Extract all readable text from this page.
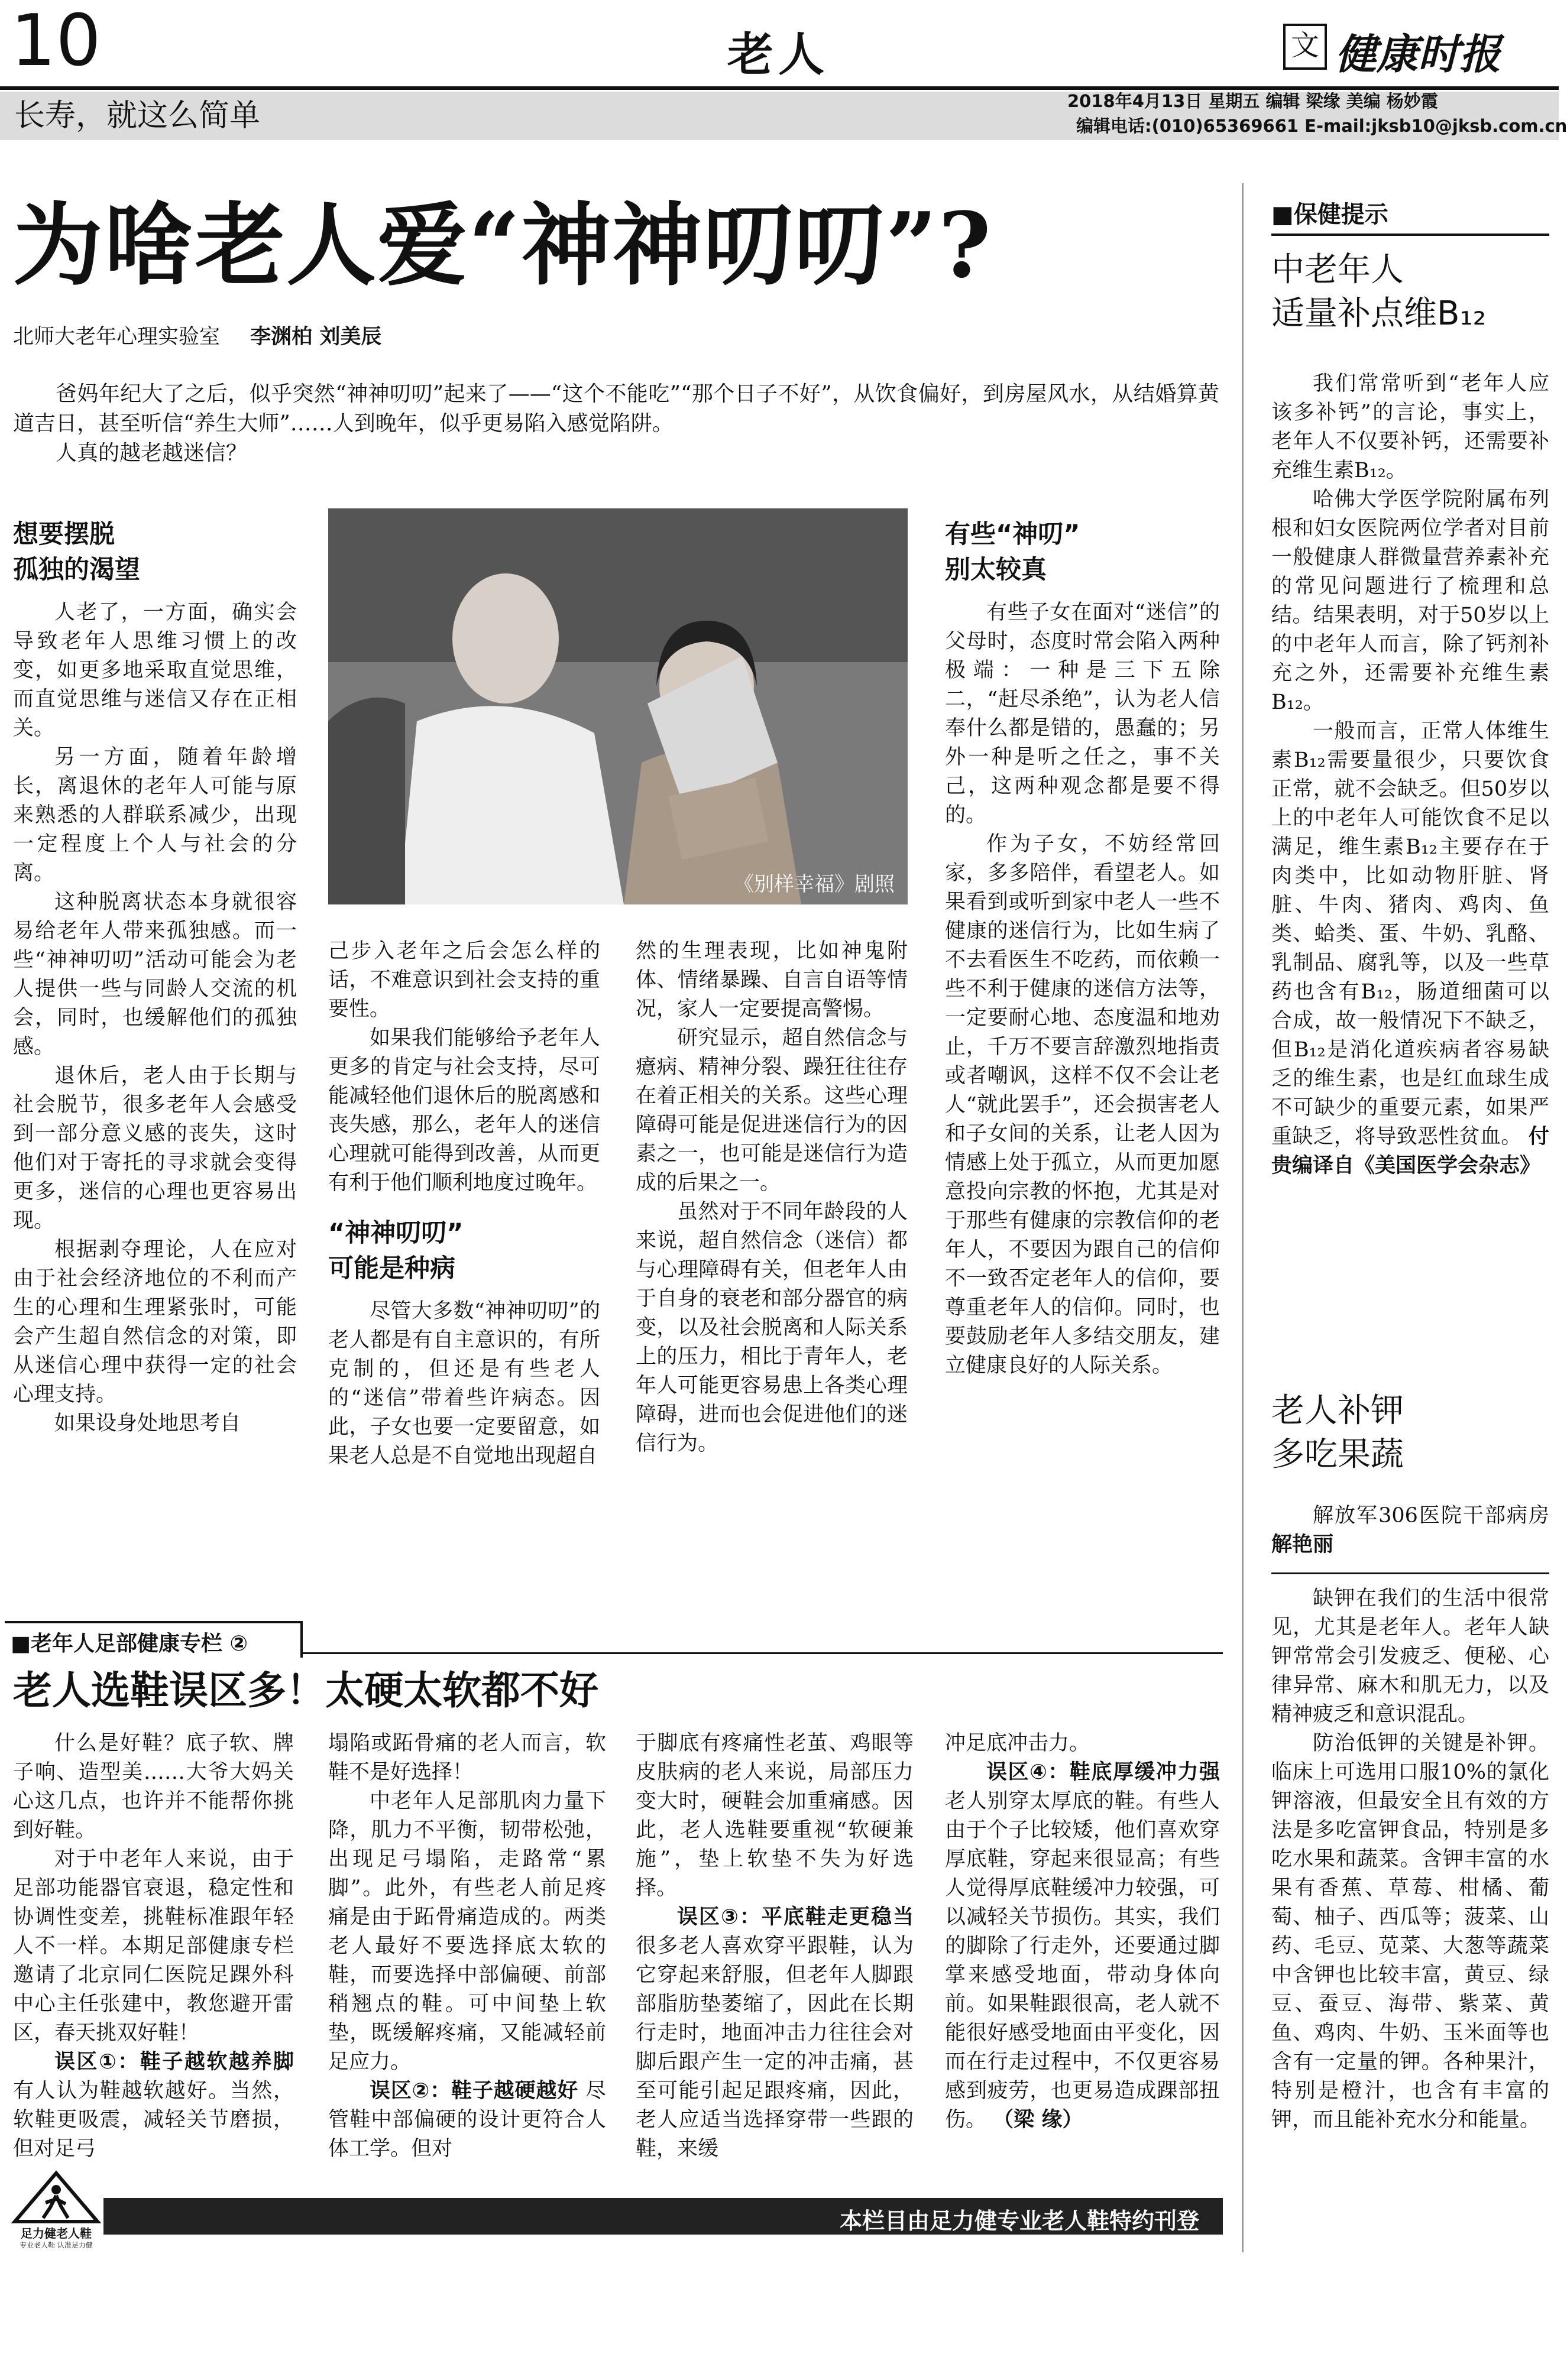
10	老人	文 健康时报
长寿，就这么简单	2018年4月13日 星期五 编辑 梁缘 美编 杨妙霞
编辑电话:(010)65369661 E-mail:jksb10@jksb.com.cn
为啥老人爱“神神叨叨”?
北师大老年心理实验室 李渊柏 刘美辰

爸妈年纪大了之后，似乎突然“神神叨叨”起来了——“这个不能吃”“那个日子不好”，从饮食偏好，到房屋风水，从结婚算黄道吉日，甚至听信“养生大师”……人到晚年，似乎更易陷入感觉陷阱。

人真的越老越迷信？

想要摆脱
孤独的渴望

人老了，一方面，确实会导致老年人思维习惯上的改变，如更多地采取直觉思维，而直觉思维与迷信又存在正相关。

另一方面，随着年龄增长，离退休的老年人可能与原来熟悉的人群联系减少，出现一定程度上个人与社会的分离。

这种脱离状态本身就很容易给老年人带来孤独感。而一些“神神叨叨”活动可能会为老人提供一些与同龄人交流的机会，同时，也缓解他们的孤独感。

退休后，老人由于长期与社会脱节，很多老年人会感受到一部分意义感的丧失，这时他们对于寄托的寻求就会变得更多，迷信的心理也更容易出现。

根据剥夺理论，人在应对由于社会经济地位的不利而产生的心理和生理紧张时，可能会产生超自然信念的对策，即从迷信心理中获得一定的社会心理支持。

如果设身处地思考自

《别样幸福》剧照

己步入老年之后会怎么样的话，不难意识到社会支持的重要性。

如果我们能够给予老年人更多的肯定与社会支持，尽可能减轻他们退休后的脱离感和丧失感，那么，老年人的迷信心理就可能得到改善，从而更有利于他们顺利地度过晚年。

“神神叨叨”
可能是种病

尽管大多数“神神叨叨”的老人都是有自主意识的，有所克制的，但还是有些老人的“迷信”带着些许病态。因此，子女也要一定要留意，如果老人总是不自觉地出现超自

然的生理表现，比如神鬼附体、情绪暴躁、自言自语等情况，家人一定要提高警惕。

研究显示，超自然信念与癔病、精神分裂、躁狂往往存在着正相关的关系。这些心理障碍可能是促进迷信行为的因素之一，也可能是迷信行为造成的后果之一。

虽然对于不同年龄段的人来说，超自然信念（迷信）都与心理障碍有关，但老年人由于自身的衰老和部分器官的病变，以及社会脱离和人际关系上的压力，相比于青年人，老年人可能更容易患上各类心理障碍，进而也会促进他们的迷信行为。

有些“神叨”
别太较真

有些子女在面对“迷信”的父母时，态度时常会陷入两种极端：一种是三下五除二，“赶尽杀绝”，认为老人信奉什么都是错的，愚蠢的；另外一种是听之任之，事不关己，这两种观念都是要不得的。

作为子女，不妨经常回家，多多陪伴，看望老人。如果看到或听到家中老人一些不健康的迷信行为，比如生病了不去看医生不吃药，而依赖一些不利于健康的迷信方法等，一定要耐心地、态度温和地劝止，千万不要言辞激烈地指责或者嘲讽，这样不仅不会让老人“就此罢手”，还会损害老人和子女间的关系，让老人因为情感上处于孤立，从而更加愿意投向宗教的怀抱，尤其是对于那些有健康的宗教信仰的老年人，不要因为跟自己的信仰不一致否定老年人的信仰，要尊重老年人的信仰。同时，也要鼓励老年人多结交朋友，建立健康良好的人际关系。

■老年人足部健康专栏 ②
老人选鞋误区多！太硬太软都不好

什么是好鞋？底子软、牌子响、造型美……大爷大妈关心这几点，也许并不能帮你挑到好鞋。

对于中老年人来说，由于足部功能器官衰退，稳定性和协调性变差，挑鞋标准跟年轻人不一样。本期足部健康专栏邀请了北京同仁医院足踝外科中心主任张建中，教您避开雷区，春天挑双好鞋！

误区①：鞋子越软越养脚 有人认为鞋越软越好。当然，软鞋更吸震，减轻关节磨损，但对足弓

塌陷或跖骨痛的老人而言，软鞋不是好选择！

中老年人足部肌肉力量下降，肌力不平衡，韧带松弛，出现足弓塌陷，走路常“累脚”。此外，有些老人前足疼痛是由于跖骨痛造成的。两类老人最好不要选择底太软的鞋，而要选择中部偏硬、前部稍翘点的鞋。可中间垫上软垫，既缓解疼痛，又能减轻前足应力。

误区②：鞋子越硬越好 尽管鞋中部偏硬的设计更符合人体工学。但对

于脚底有疼痛性老茧、鸡眼等皮肤病的老人来说，局部压力变大时，硬鞋会加重痛感。因此，老人选鞋要重视“软硬兼施”，垫上软垫不失为好选择。

误区③：平底鞋走更稳当 很多老人喜欢穿平跟鞋，认为它穿起来舒服，但老年人脚跟部脂肪垫萎缩了，因此在长期行走时，地面冲击力往往会对脚后跟产生一定的冲击痛，甚至可能引起足跟疼痛，因此，老人应适当选择穿带一些跟的鞋，来缓

冲足底冲击力。

误区④：鞋底厚缓冲力强 老人别穿太厚底的鞋。有些人由于个子比较矮，他们喜欢穿厚底鞋，穿起来很显高；有些人觉得厚底鞋缓冲力较强，可以减轻关节损伤。其实，我们的脚除了行走外，还要通过脚掌来感受地面，带动身体向前。如果鞋跟很高，老人就不能很好感受地面由平变化，因而在行走过程中，不仅更容易感到疲劳，也更易造成踝部扭伤。 （梁 缘）

足力健老人鞋
专业老人鞋 认准足力健
本栏目由足力健专业老人鞋特约刊登
■保健提示
中老年人
适量补点维B₁₂

我们常常听到“老年人应该多补钙”的言论，事实上，老年人不仅要补钙，还需要补充维生素B₁₂。

哈佛大学医学院附属布列根和妇女医院两位学者对目前一般健康人群微量营养素补充的常见问题进行了梳理和总结。结果表明，对于50岁以上的中老年人而言，除了钙剂补充之外，还需要补充维生素B₁₂。

一般而言，正常人体维生素B₁₂需要量很少，只要饮食正常，就不会缺乏。但50岁以上的中老年人可能饮食不足以满足，维生素B₁₂主要存在于肉类中，比如动物肝脏、肾脏、牛肉、猪肉、鸡肉、鱼类、蛤类、蛋、牛奶、乳酪、乳制品、腐乳等，以及一些草药也含有B₁₂，肠道细菌可以合成，故一般情况下不缺乏，但B₁₂是消化道疾病者容易缺乏的维生素，也是红血球生成不可缺少的重要元素，如果严重缺乏，将导致恶性贫血。 付贵编译自《美国医学会杂志》

老人补钾
多吃果蔬

解放军306医院干部病房 解艳丽

缺钾在我们的生活中很常见，尤其是老年人。老年人缺钾常常会引发疲乏、便秘、心律异常、麻木和肌无力，以及精神疲乏和意识混乱。

防治低钾的关键是补钾。临床上可选用口服10%的氯化钾溶液，但最安全且有效的方法是多吃富钾食品，特别是多吃水果和蔬菜。含钾丰富的水果有香蕉、草莓、柑橘、葡萄、柚子、西瓜等；菠菜、山药、毛豆、苋菜、大葱等蔬菜中含钾也比较丰富，黄豆、绿豆、蚕豆、海带、紫菜、黄鱼、鸡肉、牛奶、玉米面等也含有一定量的钾。各种果汁，特别是橙汁，也含有丰富的钾，而且能补充水分和能量。
